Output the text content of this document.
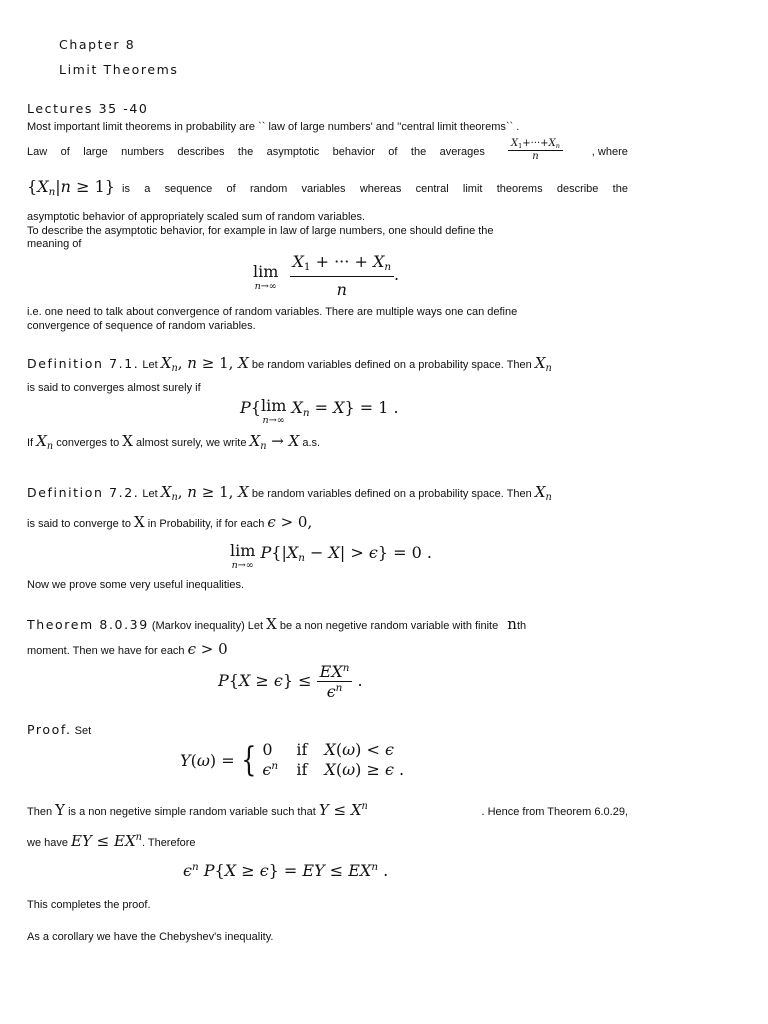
Chapter 8
Limit Theorems
Lectures 35 -40
Most important limit theorems in probability are `` law of large numbers' and ''central limit theorems`` .
Law of large numbers describes the asymptotic behavior of the averages	, where
$\frac{X_1+\cdot\cdot\cdot+X_n}{n}$
$\{X_n|n \ge 1\}$ is a sequence of random variables whereas central limit theorems describe the
asymptotic behavior of appropriately scaled sum of random variables.
To describe the asymptotic behavior, for example in law of large numbers, one should define the
meaning of
lim
n→∞
$\frac{X_1 + \cdot\cdot\cdot + X_n}{n}$ .
i.e. one need to talk about convergence of random variables. There are multiple ways one can define
convergence of sequence of random variables.
Definition 7.1. Let $X_n$, n ≥ 1, X be random variables defined on a probability space. Then $X_n$
is said to converges almost surely if
P{ lim
n→∞
$X_n = X\} = 1$ .
If $X_n$ converges to X almost surely, we write $X_n \to X$ a.s.
Definition 7.2. Let $X_n$, n ≥ 1, X be random variables defined on a probability space. Then $X_n$
is said to converge to X in Probability, if for each ϵ > 0,
lim
n→∞
$P\{|X_n - X| > \epsilon\} = 0$ .
Now we prove some very useful inequalities.
Theorem 8.0.39 (Markov inequality) Let X be a non negetive random variable with finite nth
moment. Then we have for each ϵ > 0
$P\{X \ge \epsilon\} \le \frac{EX^n}{\epsilon^n}$ .
Proof. Set
Y(ω) = { 0 if X(ω) < ϵ
$\epsilon^n$ if X(ω) ≥ ϵ .
Then Y is a non negetive simple random variable such that $Y \le X^n$	. Hence from Theorem 6.0.29,
we have EY ≤ $EX^n$. Therefore
$\epsilon^n$ P{X ≥ ϵ} = EY ≤ $EX^n$ .
This completes the proof.
As a corollary we have the Chebyshev's inequality.
